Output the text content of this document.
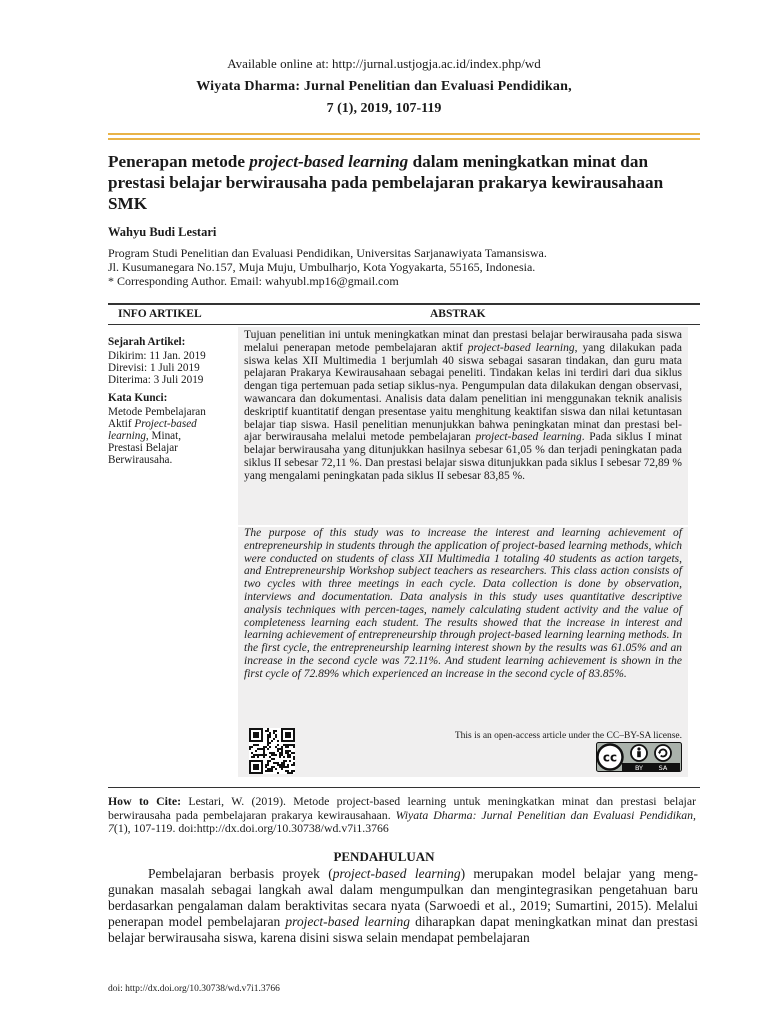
Available online at: http://jurnal.ustjogja.ac.id/index.php/wd
Wiyata Dharma: Jurnal Penelitian dan Evaluasi Pendidikan,
7 (1), 2019, 107-119
Penerapan metode project-based learning dalam meningkatkan minat dan prestasi belajar berwirausaha pada pembelajaran prakarya kewirausahaan SMK
Wahyu Budi Lestari
Program Studi Penelitian dan Evaluasi Pendidikan, Universitas Sarjanawiyata Tamansiswa.
Jl. Kusumanegara No.157, Muja Muju, Umbulharjo, Kota Yogyakarta, 55165, Indonesia.
* Corresponding Author. Email: wahyubl.mp16@gmail.com
INFO ARTIKEL	ABSTRAK
Sejarah Artikel:
Dikirim: 11 Jan. 2019
Direvisi: 1 Juli 2019
Diterima: 3 Juli 2019
Kata Kunci:
Metode Pembelajaran
Aktif Project-based
learning, Minat,
Prestasi Belajar
Berwirausaha.
Tujuan penelitian ini untuk meningkatkan minat dan prestasi belajar berwirausaha pada siswa melalui penerapan metode pembelajaran aktif project-based learning, yang dilakukan pada siswa kelas XII Multimedia 1 berjumlah 40 siswa sebagai sasaran tindakan, dan guru mata pelajaran Prakarya Kewirausahaan sebagai peneliti. Tindakan kelas ini terdiri dari dua siklus dengan tiga pertemuan pada setiap siklus-nya. Pengumpulan data dilakukan dengan observasi, wawancara dan dokumentasi. Analisis data dalam penelitian ini menggunakan teknik analisis deskriptif kuantitatif dengan presentase yaitu menghitung keaktifan siswa dan nilai ketuntasan belajar tiap siswa. Hasil penelitian menunjukkan bahwa peningkatan minat dan prestasi bel-ajar berwirausaha melalui metode pembelajaran project-based learning. Pada siklus I minat belajar berwirausaha yang ditunjukkan hasilnya sebesar 61,05 % dan terjadi peningkatan pada siklus II sebesar 72,11 %. Dan prestasi belajar siswa ditunjukkan pada siklus I sebesar 72,89 % yang mengalami peningkatan pada siklus II sebesar 83,85 %.
The purpose of this study was to increase the interest and learning achievement of entrepreneurship in students through the application of project-based learning methods, which were conducted on students of class XII Multimedia 1 totaling 40 students as action targets, and Entrepreneurship Workshop subject teachers as researchers. This class action consists of two cycles with three meetings in each cycle. Data collection is done by observation, interviews and documentation. Data analysis in this study uses quantitative descriptive analysis techniques with percen-tages, namely calculating student activity and the value of completeness learning each student. The results showed that the increase in interest and learning achievement of entrepreneurship through project-based learning learning methods. In the first cycle, the entrepreneurship learning interest shown by the results was 61.05% and an increase in the second cycle was 72.11%. And student learning achievement is shown in the first cycle of 72.89% which experienced an increase in the second cycle of 83.85%.
This is an open-access article under the CC–BY-SA license.
cc
BY SA
How to Cite: Lestari, W. (2019). Metode project-based learning untuk meningkatkan minat dan prestasi belajar berwirausaha pada pembelajaran prakarya kewirausahaan. Wiyata Dharma: Jurnal Penelitian dan Evaluasi Pendidikan, 7(1), 107-119. doi:http://dx.doi.org/10.30738/wd.v7i1.3766
PENDAHULUAN

Pembelajaran berbasis proyek (project-based learning) merupakan model belajar yang meng-gunakan masalah sebagai langkah awal dalam mengumpulkan dan mengintegrasikan pengetahuan baru berdasarkan pengalaman dalam beraktivitas secara nyata (Sarwoedi et al., 2019; Sumartini, 2015). Melalui penerapan model pembelajaran project-based learning diharapkan dapat meningkatkan minat dan prestasi belajar berwirausaha siswa, karena disini siswa selain mendapat pembelajaran

doi: http://dx.doi.org/10.30738/wd.v7i1.3766
